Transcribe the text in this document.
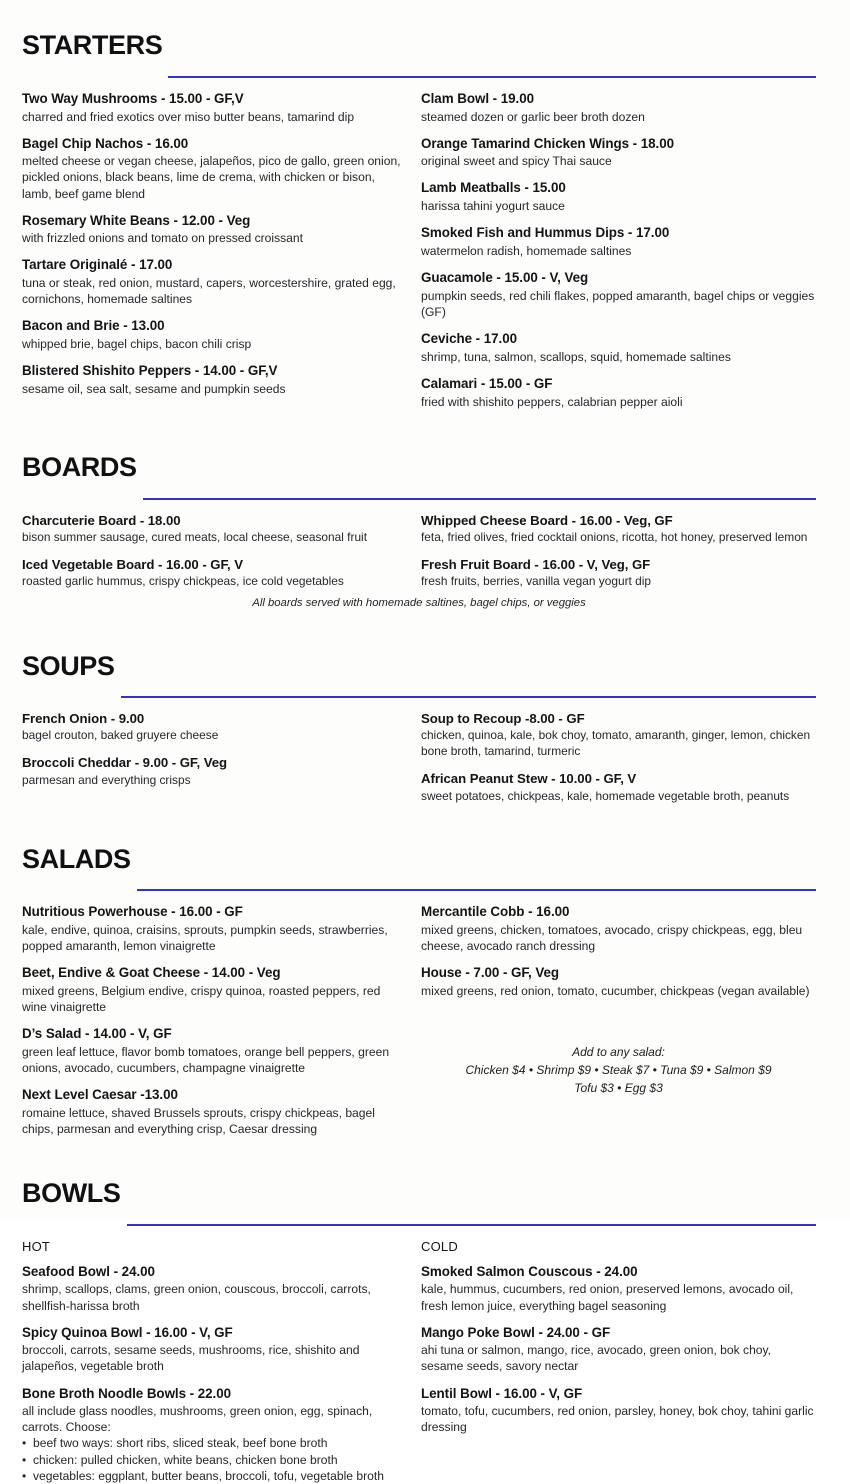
STARTERS
Two Way Mushrooms - 15.00 - GF,V
charred and fried exotics over miso butter beans, tamarind dip
Bagel Chip Nachos - 16.00
melted cheese or vegan cheese, jalapeños, pico de gallo, green onion, pickled onions, black beans, lime de crema, with chicken or bison, lamb, beef game blend
Rosemary White Beans - 12.00 - Veg
with frizzled onions and tomato on pressed croissant
Tartare Originalé - 17.00
tuna or steak, red onion, mustard, capers, worcestershire, grated egg, cornichons, homemade saltines
Bacon and Brie - 13.00
whipped brie, bagel chips, bacon chili crisp
Blistered Shishito Peppers - 14.00 - GF,V
sesame oil, sea salt, sesame and pumpkin seeds
Clam Bowl - 19.00
steamed dozen or garlic beer broth dozen
Orange Tamarind Chicken Wings - 18.00
original sweet and spicy Thai sauce
Lamb Meatballs - 15.00
harissa tahini yogurt sauce
Smoked Fish and Hummus Dips - 17.00
watermelon radish, homemade saltines
Guacamole - 15.00 - V, Veg
pumpkin seeds, red chili flakes, popped amaranth, bagel chips or veggies (GF)
Ceviche - 17.00
shrimp, tuna, salmon, scallops, squid, homemade saltines
Calamari - 15.00 - GF
fried with shishito peppers, calabrian pepper aioli
BOARDS
Charcuterie Board - 18.00
bison summer sausage, cured meats, local cheese, seasonal fruit
Iced Vegetable Board - 16.00 - GF, V
roasted garlic hummus, crispy chickpeas, ice cold vegetables
Whipped Cheese Board - 16.00 - Veg, GF
feta, fried olives, fried cocktail onions, ricotta, hot honey, preserved lemon
Fresh Fruit Board - 16.00 - V, Veg, GF
fresh fruits, berries, vanilla vegan yogurt dip
All boards served with homemade saltines, bagel chips, or veggies
SOUPS
French Onion - 9.00
bagel crouton, baked gruyere cheese
Broccoli Cheddar - 9.00 - GF, Veg
parmesan and everything crisps
Soup to Recoup -8.00 - GF
chicken, quinoa, kale, bok choy, tomato, amaranth, ginger, lemon, chicken bone broth, tamarind, turmeric
African Peanut Stew - 10.00 - GF, V
sweet potatoes, chickpeas, kale, homemade vegetable broth, peanuts
SALADS
Nutritious Powerhouse - 16.00 - GF
kale, endive, quinoa, craisins, sprouts, pumpkin seeds, strawberries, popped amaranth, lemon vinaigrette
Beet, Endive & Goat Cheese - 14.00 - Veg
mixed greens, Belgium endive, crispy quinoa, roasted peppers, red wine vinaigrette
D’s Salad - 14.00 - V, GF
green leaf lettuce, flavor bomb tomatoes, orange bell peppers, green onions, avocado, cucumbers, champagne vinaigrette
Next Level Caesar -13.00
romaine lettuce, shaved Brussels sprouts, crispy chickpeas, bagel chips, parmesan and everything crisp, Caesar dressing
Mercantile Cobb - 16.00
mixed greens, chicken, tomatoes, avocado, crispy chickpeas, egg, bleu cheese, avocado ranch dressing
House - 7.00 - GF, Veg
mixed greens, red onion, tomato, cucumber, chickpeas (vegan available)
Add to any salad:
Chicken $4 • Shrimp $9 • Steak $7 • Tuna $9 • Salmon $9
Tofu $3 • Egg $3
BOWLS
HOT
Seafood Bowl - 24.00
shrimp, scallops, clams, green onion, couscous, broccoli, carrots, shellfish-harissa broth
Spicy Quinoa Bowl - 16.00 - V, GF
broccoli, carrots, sesame seeds, mushrooms, rice, shishito and jalapeños, vegetable broth
Bone Broth Noodle Bowls - 22.00
all include glass noodles, mushrooms, green onion, egg, spinach, carrots. Choose:
• beef two ways: short ribs, sliced steak, beef bone broth
• chicken: pulled chicken, white beans, chicken bone broth
• vegetables: eggplant, butter beans, broccoli, tofu, vegetable broth
COLD
Smoked Salmon Couscous - 24.00
kale, hummus, cucumbers, red onion, preserved lemons, avocado oil, fresh lemon juice, everything bagel seasoning
Mango Poke Bowl - 24.00 - GF
ahi tuna or salmon, mango, rice, avocado, green onion, bok choy, sesame seeds, savory nectar
Lentil Bowl - 16.00 - V, GF
tomato, tofu, cucumbers, red onion, parsley, honey, bok choy, tahini garlic dressing
